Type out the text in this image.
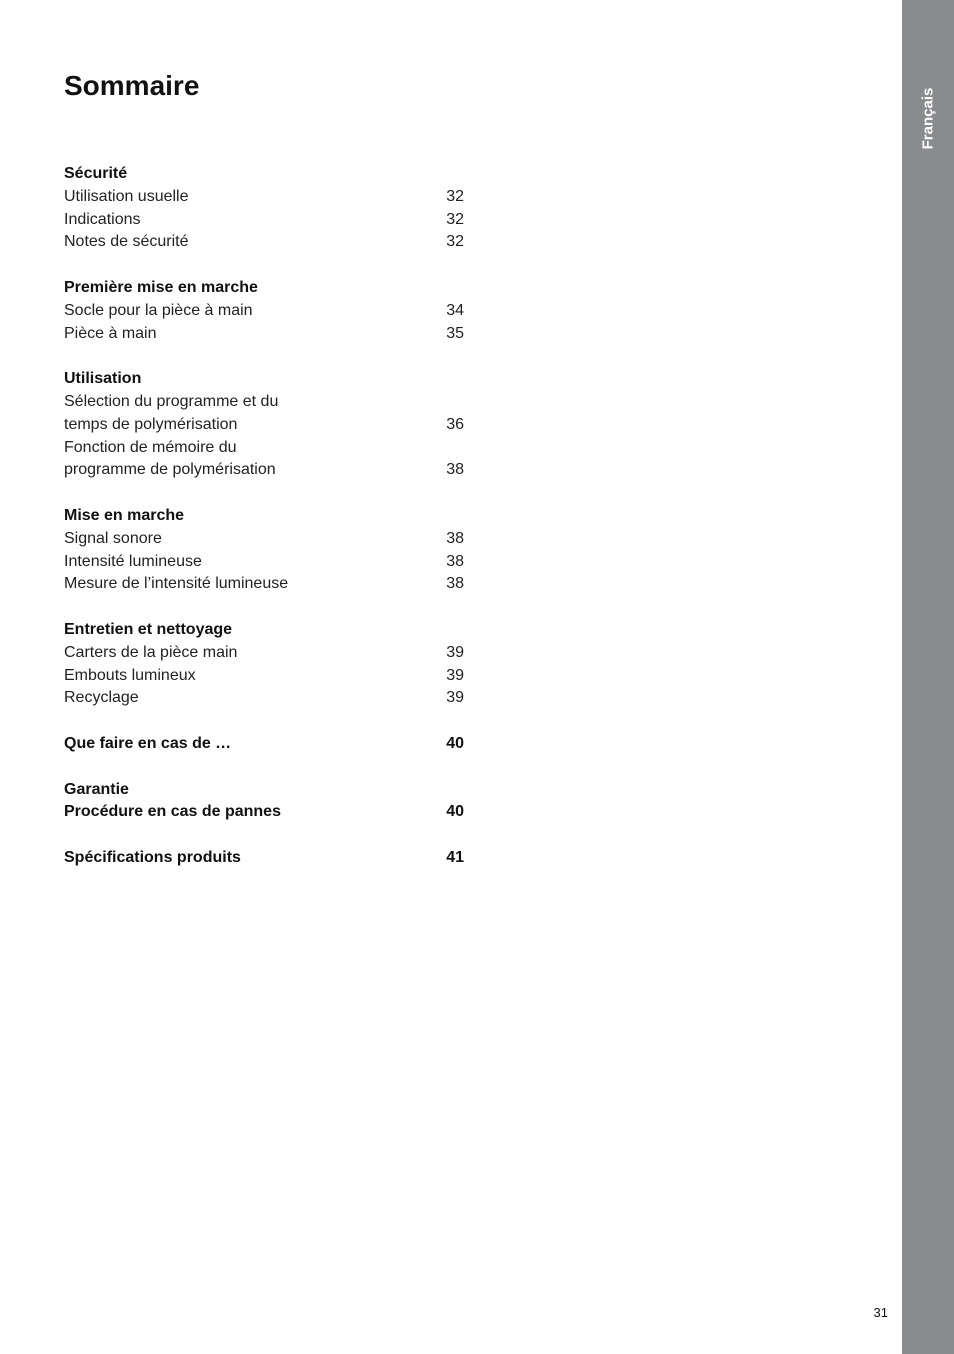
Sommaire
Sécurité
Utilisation usuelle	32
Indications	32
Notes de sécurité	32
Première mise en marche
Socle pour la pièce à main	34
Pièce à main	35
Utilisation
Sélection du programme et du
temps de polymérisation	36
Fonction de mémoire du
programme de polymérisation	38
Mise en marche
Signal sonore	38
Intensité lumineuse	38
Mesure de l’intensité lumineuse	38
Entretien et nettoyage
Carters de la pièce main	39
Embouts lumineux	39
Recyclage	39
Que faire en cas de …	40
Garantie
Procédure en cas de pannes	40
Spécifications produits	41
Français
31
